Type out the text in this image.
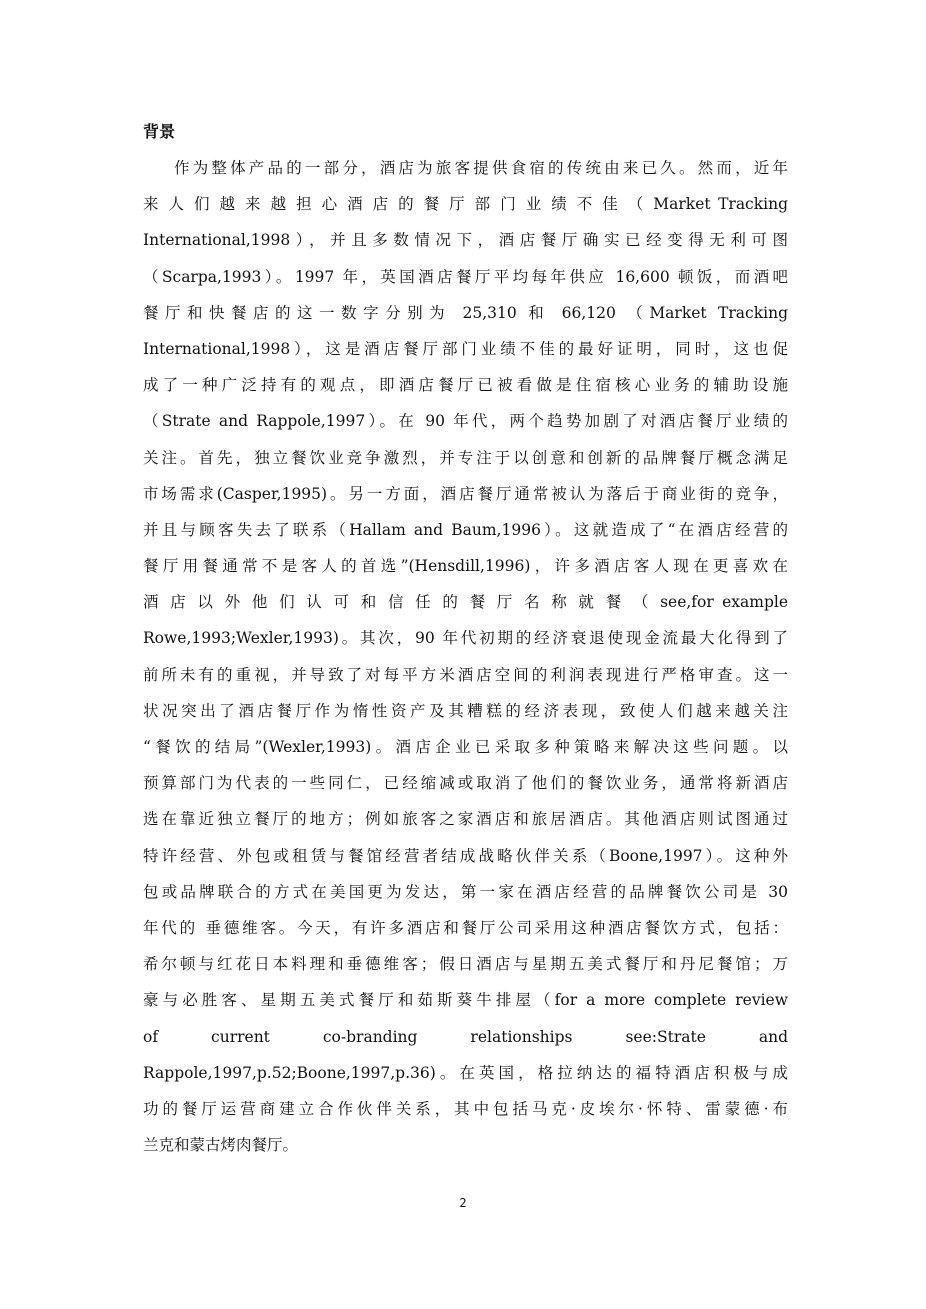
背景
作为整体产品的一部分，酒店为旅客提供食宿的传统由来已久。然而，近年
来 人 们 越 来 越 担 心 酒 店 的 餐 厅 部 门 业 绩 不 佳 （ Market Tracking
International,1998），并且多数情况下，酒店餐厅确实已经变得无利可图
（Scarpa,1993）。1997 年，英国酒店餐厅平均每年供应 16,600 顿饭，而酒吧
餐厅和快餐店的这一数字分别为 25,310 和 66,120 （Market Tracking
International,1998），这是酒店餐厅部门业绩不佳的最好证明，同时，这也促
成了一种广泛持有的观点，即酒店餐厅已被看做是住宿核心业务的辅助设施
（Strate and Rappole,1997）。在 90 年代，两个趋势加剧了对酒店餐厅业绩的
关注。首先，独立餐饮业竞争激烈，并专注于以创意和创新的品牌餐厅概念满足
市场需求(Casper,1995)。另一方面，酒店餐厅通常被认为落后于商业街的竞争，
并且与顾客失去了联系（Hallam and Baum,1996）。这就造成了“在酒店经营的
餐厅用餐通常不是客人的首选”(Hensdill,1996)，许多酒店客人现在更喜欢在
酒 店 以 外 他 们 认 可 和 信 任 的 餐 厅 名 称 就 餐 （ see,for example
Rowe,1993;Wexler,1993)。其次，90 年代初期的经济衰退使现金流最大化得到了
前所未有的重视，并导致了对每平方米酒店空间的利润表现进行严格审查。这一
状况突出了酒店餐厅作为惰性资产及其糟糕的经济表现，致使人们越来越关注
“餐饮的结局”(Wexler,1993)。酒店企业已采取多种策略来解决这些问题。以
预算部门为代表的一些同仁，已经缩减或取消了他们的餐饮业务，通常将新酒店
选在靠近独立餐厅的地方；例如旅客之家酒店和旅居酒店。其他酒店则试图通过
特许经营、外包或租赁与餐馆经营者结成战略伙伴关系（Boone,1997）。这种外
包或品牌联合的方式在美国更为发达，第一家在酒店经营的品牌餐饮公司是 30
年代的 垂德维客。今天，有许多酒店和餐厅公司采用这种酒店餐饮方式，包括：
希尔顿与红花日本料理和垂德维客；假日酒店与星期五美式餐厅和丹尼餐馆；万
豪与必胜客、星期五美式餐厅和茹斯葵牛排屋（for a more complete review
of current co-branding relationships see:Strate and
Rappole,1997,p.52;Boone,1997,p.36)。在英国，格拉纳达的福特酒店积极与成
功的餐厅运营商建立合作伙伴关系，其中包括马克·皮埃尔·怀特、雷蒙德·布
兰克和蒙古烤肉餐厅。
2
